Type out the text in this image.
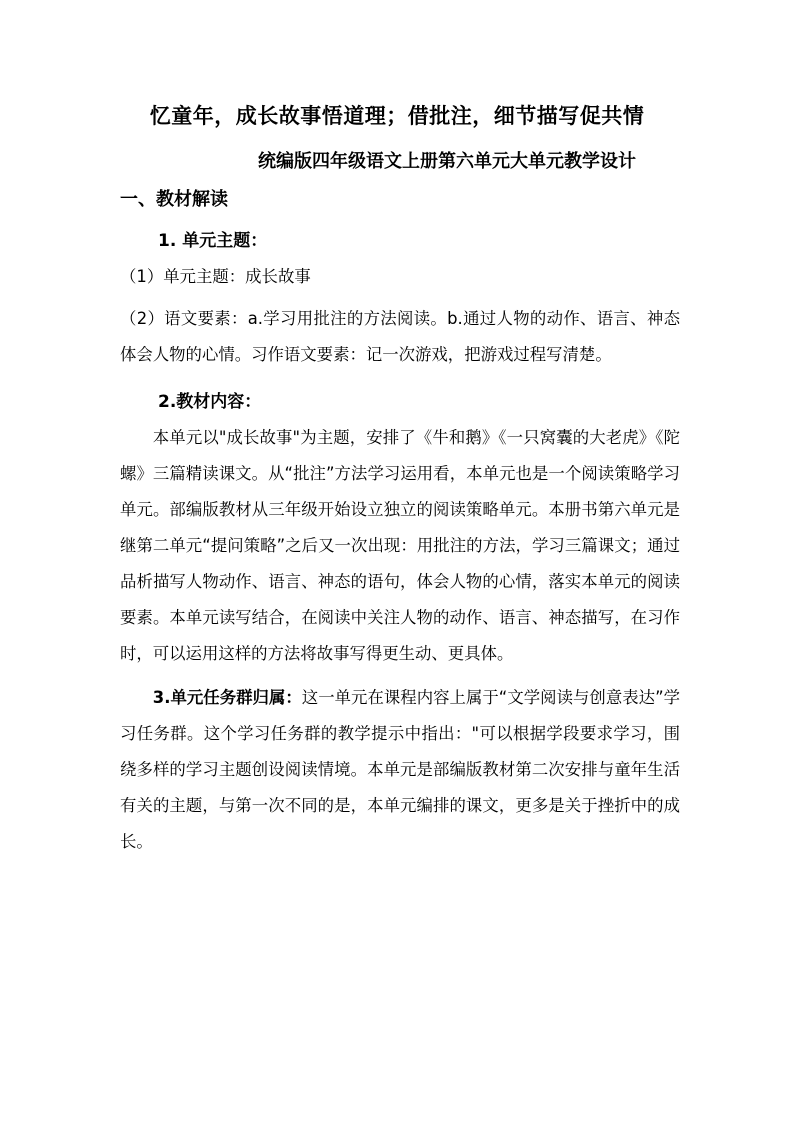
忆童年，成长故事悟道理；借批注，细节描写促共情
统编版四年级语文上册第六单元大单元教学设计

一、教材解读

1. 单元主题：

（1）单元主题：成长故事

（2）语文要素：a.学习用批注的方法阅读。b.通过人物的动作、语言、神态体会人物的心情。习作语文要素：记一次游戏，把游戏过程写清楚。

2.教材内容：

本单元以"成长故事"为主题，安排了《牛和鹅》《一只窝囊的大老虎》《陀螺》三篇精读课文。从“批注”方法学习运用看，本单元也是一个阅读策略学习单元。部编版教材从三年级开始设立独立的阅读策略单元。本册书第六单元是继第二单元“提问策略”之后又一次出现：用批注的方法，学习三篇课文；通过品析描写人物动作、语言、神态的语句，体会人物的心情，落实本单元的阅读要素。本单元读写结合，在阅读中关注人物的动作、语言、神态描写，在习作时，可以运用这样的方法将故事写得更生动、更具体。

3.单元任务群归属：这一单元在课程内容上属于“文学阅读与创意表达”学习任务群。这个学习任务群的教学提示中指出："可以根据学段要求学习，围绕多样的学习主题创设阅读情境。本单元是部编版教材第二次安排与童年生活有关的主题，与第一次不同的是，本单元编排的课文，更多是关于挫折中的成长。
